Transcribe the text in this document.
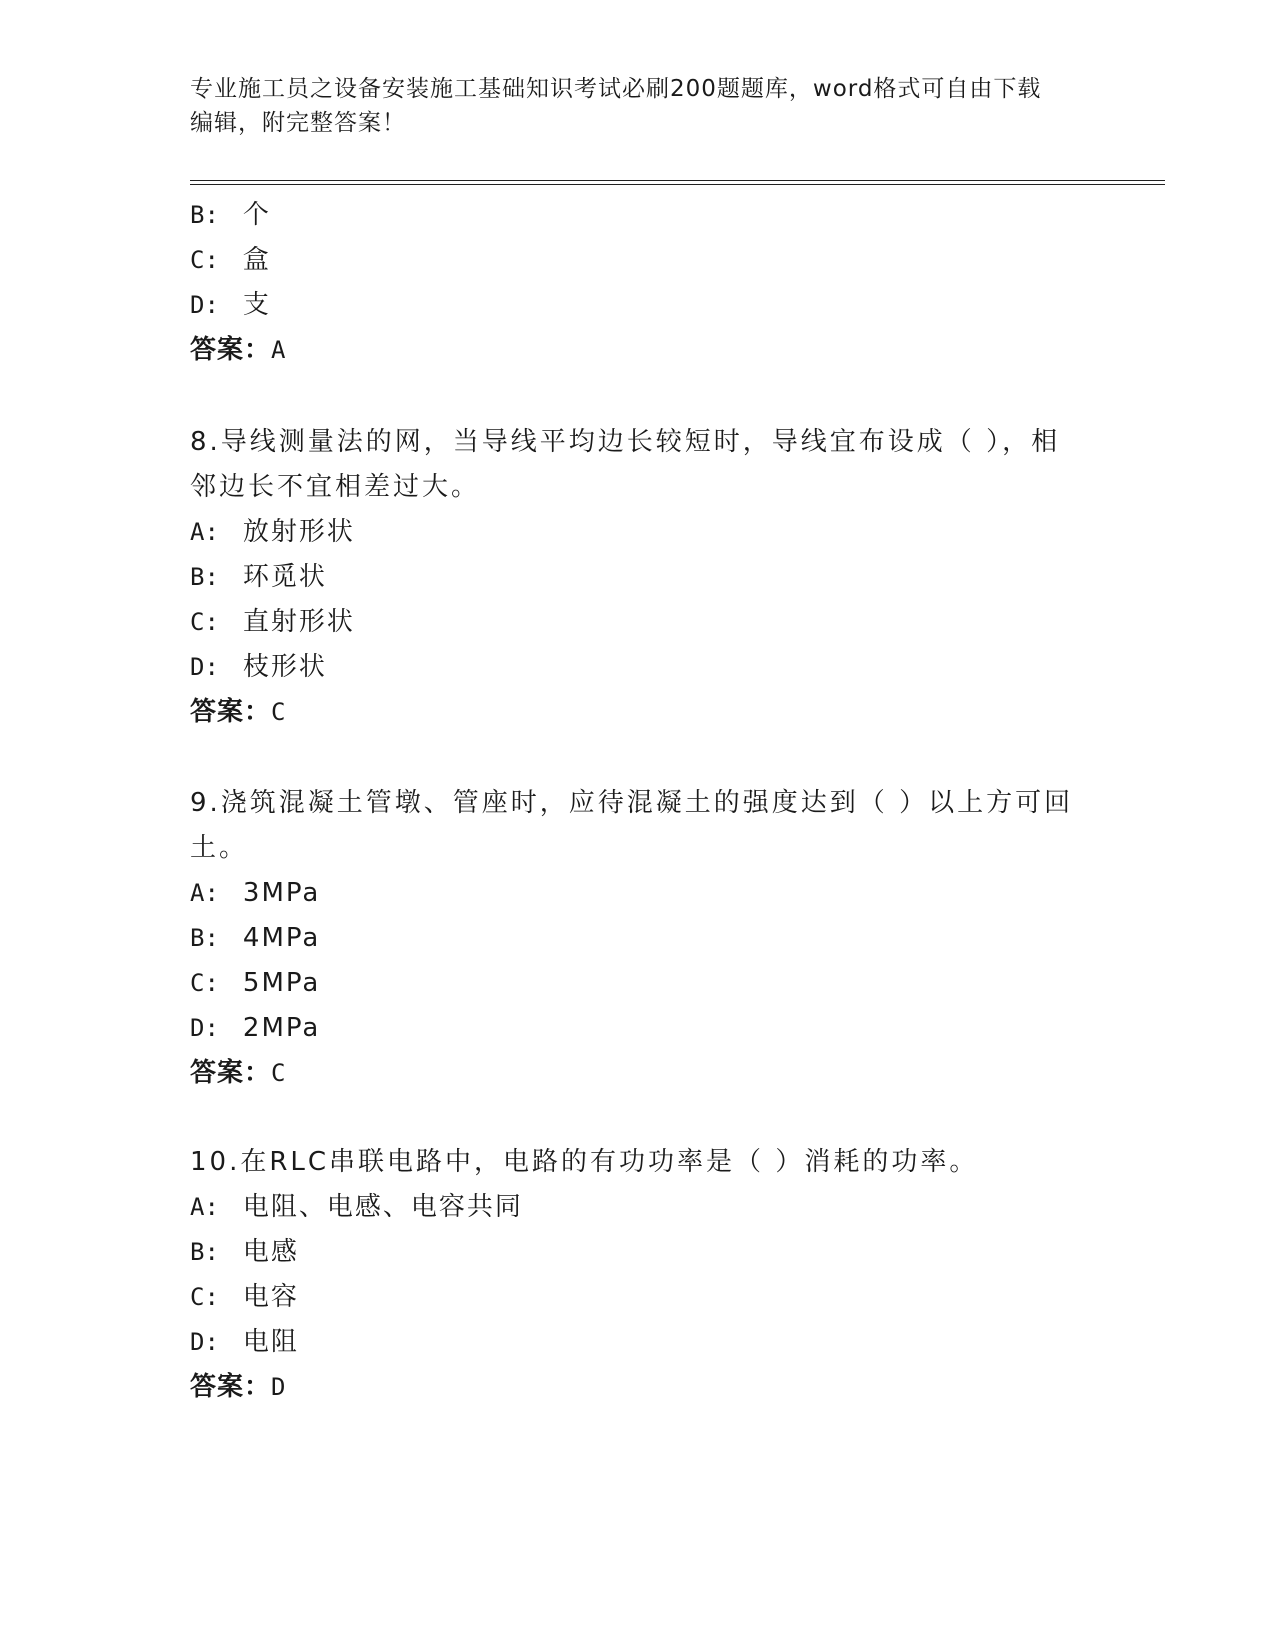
专业施工员之设备安装施工基础知识考试必刷200题题库，word格式可自由下载
编辑，附完整答案！
B: 个
C: 盒
D: 支
答案：A
8.导线测量法的网，当导线平均边长较短时，导线宜布设成（ ），相
邻边长不宜相差过大。
A: 放射形状
B: 环觅状
C: 直射形状
D: 枝形状
答案：C
9.浇筑混凝土管墩、管座时，应待混凝土的强度达到（ ）以上方可回
土。
A: 3MPa
B: 4MPa
C: 5MPa
D: 2MPa
答案：C
10.在RLC串联电路中，电路的有功功率是（ ）消耗的功率。
A: 电阻、电感、电容共同
B: 电感
C: 电容
D: 电阻
答案：D
